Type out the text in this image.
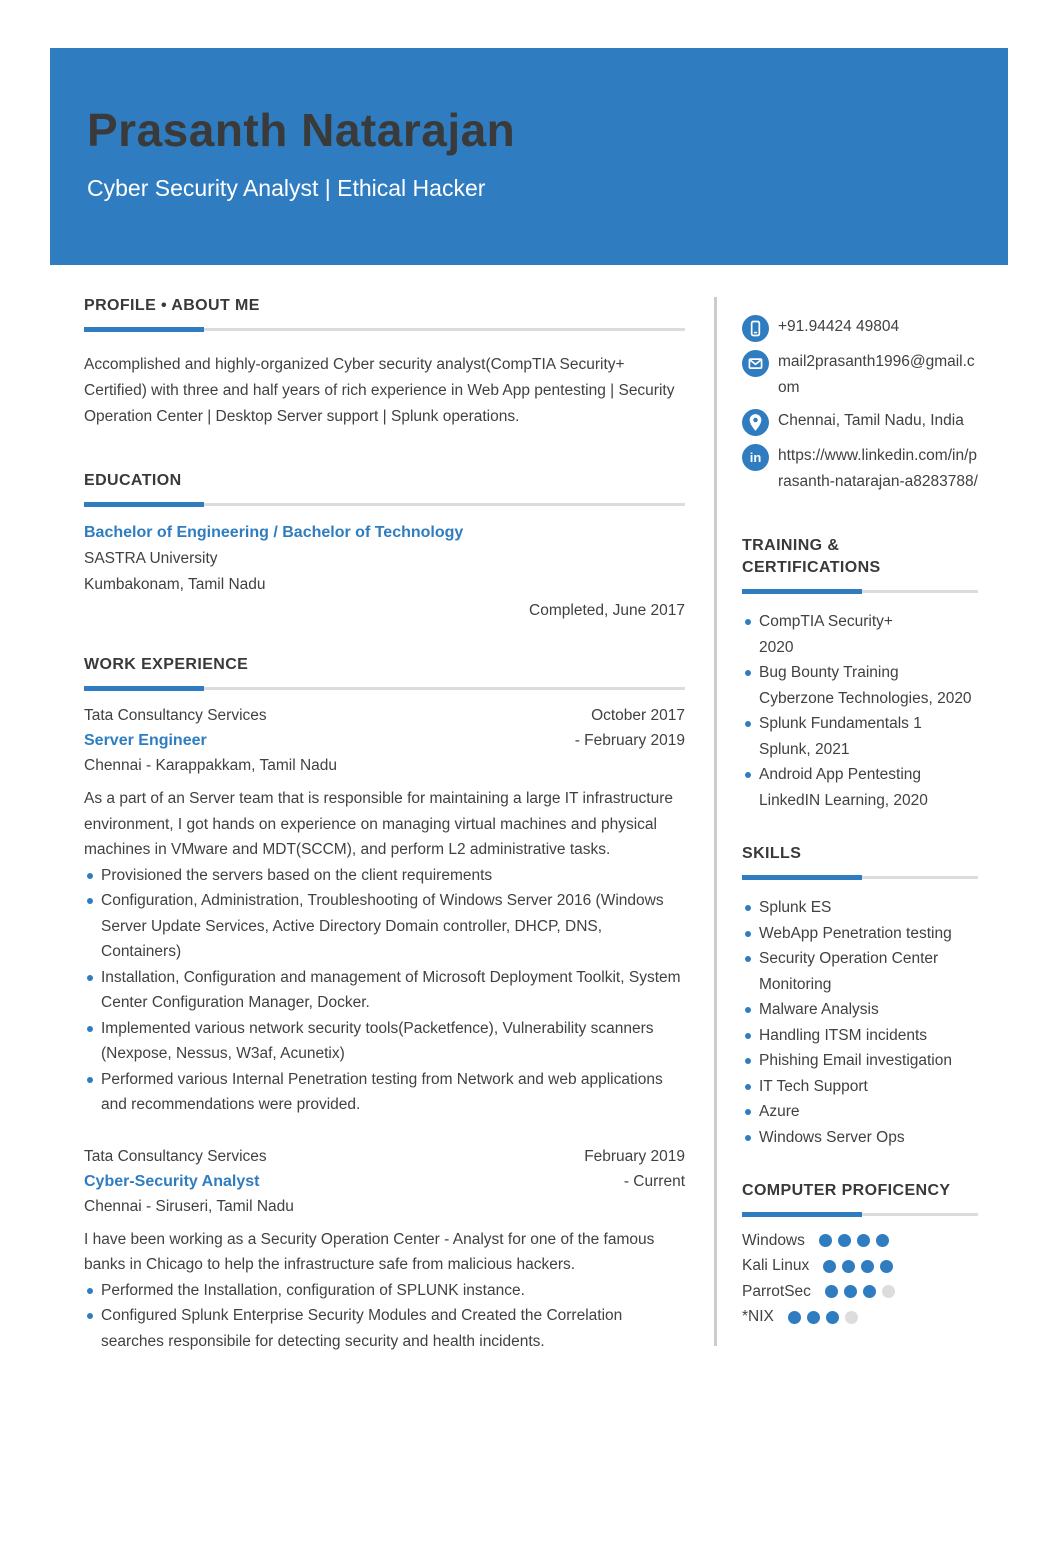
Prasanth Natarajan
Cyber Security Analyst | Ethical Hacker
PROFILE • ABOUT ME

Accomplished and highly-organized Cyber security analyst(CompTIA Security+ Certified) with three and half years of rich experience in Web App pentesting | Security Operation Center | Desktop Server support | Splunk operations.

EDUCATION
Bachelor of Engineering / Bachelor of Technology
SASTRA University
Kumbakonam, Tamil Nadu
Completed, June 2017
WORK EXPERIENCE
Tata Consultancy Services	October 2017
Server Engineer	- February 2019
Chennai - Karappakkam, Tamil Nadu

As a part of an Server team that is responsible for maintaining a large IT infrastructure environment, I got hands on experience on managing virtual machines and physical machines in VMware and MDT(SCCM), and perform L2 administrative tasks.

Provisioned the servers based on the client requirements
Configuration, Administration, Troubleshooting of Windows Server 2016 (Windows Server Update Services, Active Directory Domain controller, DHCP, DNS, Containers)
Installation, Configuration and management of Microsoft Deployment Toolkit, System Center Configuration Manager, Docker.
Implemented various network security tools(Packetfence), Vulnerability scanners (Nexpose, Nessus, W3af, Acunetix)
Performed various Internal Penetration testing from Network and web applications and recommendations were provided.
Tata Consultancy Services	February 2019
Cyber-Security Analyst	- Current
Chennai - Siruseri, Tamil Nadu

I have been working as a Security Operation Center - Analyst for one of the famous banks in Chicago to help the infrastructure safe from malicious hackers.

Performed the Installation, configuration of SPLUNK instance.
Configured Splunk Enterprise Security Modules and Created the Correlation searches responsibile for detecting security and health incidents.
+91.94424 49804
mail2prasanth1996@gmail.com
Chennai, Tamil Nadu, India
in	https://www.linkedin.com/in/prasanth-natarajan-a8283788/
TRAINING & CERTIFICATIONS
CompTIA Security+
2020
Bug Bounty Training
Cyberzone Technologies, 2020
Splunk Fundamentals 1
Splunk, 2021
Android App Pentesting
LinkedIN Learning, 2020
SKILLS
Splunk ES
WebApp Penetration testing
Security Operation Center Monitoring
Malware Analysis
Handling ITSM incidents
Phishing Email investigation
IT Tech Support
Azure
Windows Server Ops
COMPUTER PROFICENCY
Windows
Kali Linux
ParrotSec
*NIX
